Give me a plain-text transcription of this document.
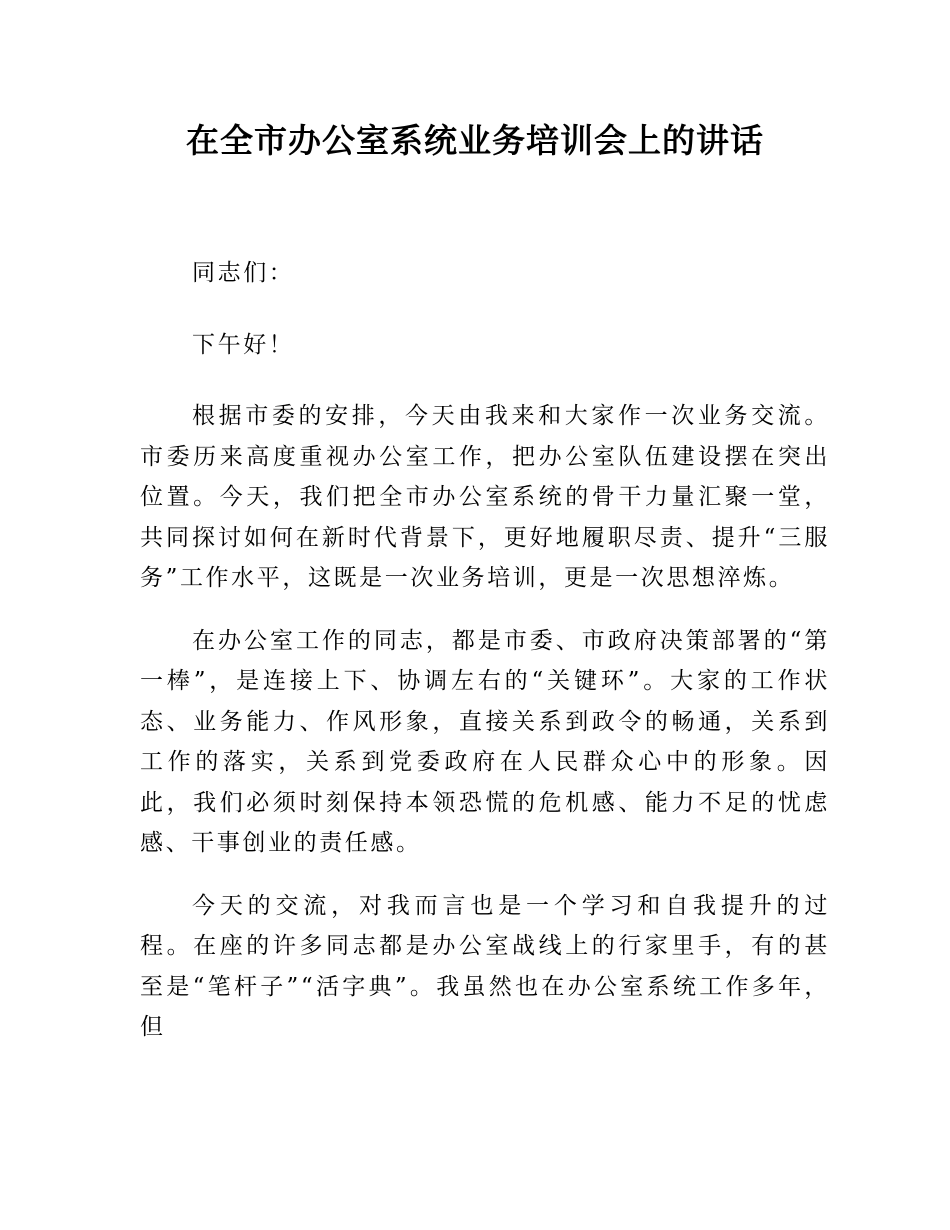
在全市办公室系统业务培训会上的讲话

同志们：

下午好！

根据市委的安排，今天由我来和大家作一次业务交流。市委历来高度重视办公室工作，把办公室队伍建设摆在突出位置。今天，我们把全市办公室系统的骨干力量汇聚一堂，共同探讨如何在新时代背景下，更好地履职尽责、提升“三服务”工作水平，这既是一次业务培训，更是一次思想淬炼。

在办公室工作的同志，都是市委、市政府决策部署的“第一棒”，是连接上下、协调左右的“关键环”。大家的工作状态、业务能力、作风形象，直接关系到政令的畅通，关系到工作的落实，关系到党委政府在人民群众心中的形象。因此，我们必须时刻保持本领恐慌的危机感、能力不足的忧虑感、干事创业的责任感。

今天的交流，对我而言也是一个学习和自我提升的过程。在座的许多同志都是办公室战线上的行家里手，有的甚至是“笔杆子”“活字典”。我虽然也在办公室系统工作多年，但
